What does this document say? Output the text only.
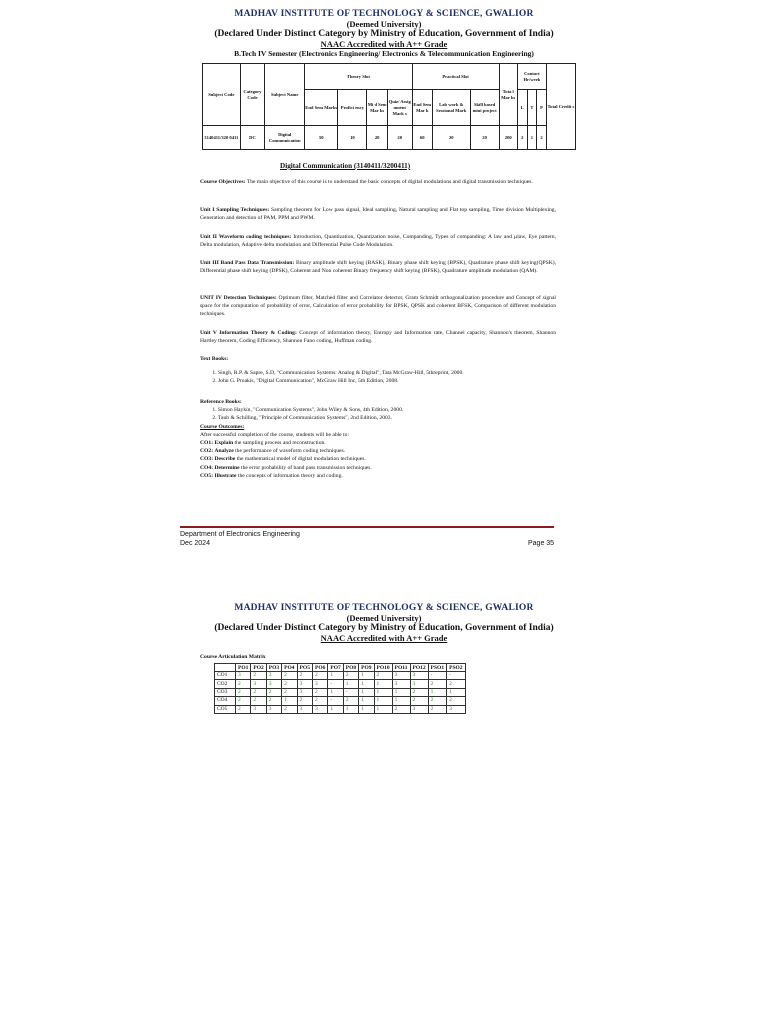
MADHAV INSTITUTE OF TECHNOLOGY & SCIENCE, GWALIOR
(Deemed University)
(Declared Under Distinct Category by Ministry of Education, Government of India)
NAAC Accredited with A++ Grade
B.Tech IV Semester (Electronics Engineering/ Electronics & Telecommunication Engineering)
Subject Code	Category Code	Subject Name	Theory Slot				Practical Slot			Tota l Mar ks	Contact Hr/week			Total Credit s
			End Sem Marks	Profici ency	Mi d Sem Mar ks	Quiz/ Assig nment Mark s	End Sem Mar k	Lab work & Sessional Mark	Skill based mini project		L	T	P	
3140411/320 0411	DC	Digital Communication	50	10	20	20	60	20	20	200	2	1	2	
Digital Communication (3140411/3200411)
Course Objectives: The main objective of this course is to understand the basic concepts of digital modulations and digital transmission techniques.
Unit I Sampling Techniques: Sampling theorem for Low pass signal, Ideal sampling, Natural sampling and Flat top sampling, Time division Multiplexing, Generation and detection of PAM, PPM and PWM.
Unit II Waveform coding techniques: Introduction, Quantization, Quantization noise, Companding, Types of companding: A law and µlaw, Eye pattern, Delta modulation, Adaptive delta modulation and Differential Pulse Code Modulation.
Unit III Band Pass Data Transmission: Binary amplitude shift keying (BASK), Binary phase shift keying (BPSK), Quadrature phase shift keying(QPSK), Differential phase shift keying (DPSK), Coherent and Non coherent Binary frequency shift keying (BFSK), Quadrature amplitude modulation (QAM).
UNIT IV Detection Techniques: Optimum filter, Matched filter and Correlator detector, Gram Schmidt orthogonalization procedure and Concept of signal space for the computation of probability of error, Calculation of error probability for BPSK, QPSK and coherent BFSK, Comparison of different modulation techniques.
Unit V Information Theory & Coding: Concept of information theory, Entropy and Information rate, Channel capacity, Shannon's theorem, Shannon Hartley theorem, Coding Efficiency, Shannon Fano coding, Huffman coding.
Text Books:
1. Singh, R.P. & Sapre, S.D, "Communication Systems: Analog & Digital", Tata McGraw-Hill, 5threprint, 2000.
2. John G. Proakis, "Digital Communication", McGraw Hill Inc, 5th Edition, 2008.
Reference Books:
1. Simon Haykin, "Communication Systems", John Wiley & Sons, 4th Edition, 2000.
2. Taub & Schilling, "Principle of Communication Systems", 2nd Edition, 2003.
Course Outcomes:
After successful completion of the course, students will be able to:
CO1: Explain the sampling process and reconstruction.
CO2: Analyze the performance of waveform coding techniques.
CO3: Describe the mathematical model of digital modulation techniques.
CO4: Determine the error probability of band pass transmission techniques.
CO5: Illustrate the concepts of information theory and coding.
Department of Electronics Engineering
Dec 2024	Page 35
MADHAV INSTITUTE OF TECHNOLOGY & SCIENCE, GWALIOR
(Deemed University)
(Declared Under Distinct Category by Ministry of Education, Government of India)
NAAC Accredited with A++ Grade
Course Articulation Matrix
	PO1	PO2	PO3	PO4	PO5	PO6	PO7	PO8	PO9	PO10	PO11	PO12	PSO1	PSO2
CO1	3	2	3	2	2	2	1	2	1	2	3	3	-	-
CO2	2	3	3	2	3	3	-	1	1	1	3	3	2	2
CO3	2	2	2	2	3	2	1	-	1	1	1	2	1	1
CO4	2	2	2	1	2	2	-	2	1	1	1	2	2	2
CO5	2	3	3	2	3	3	1	1	1	1	2	3	2	3
